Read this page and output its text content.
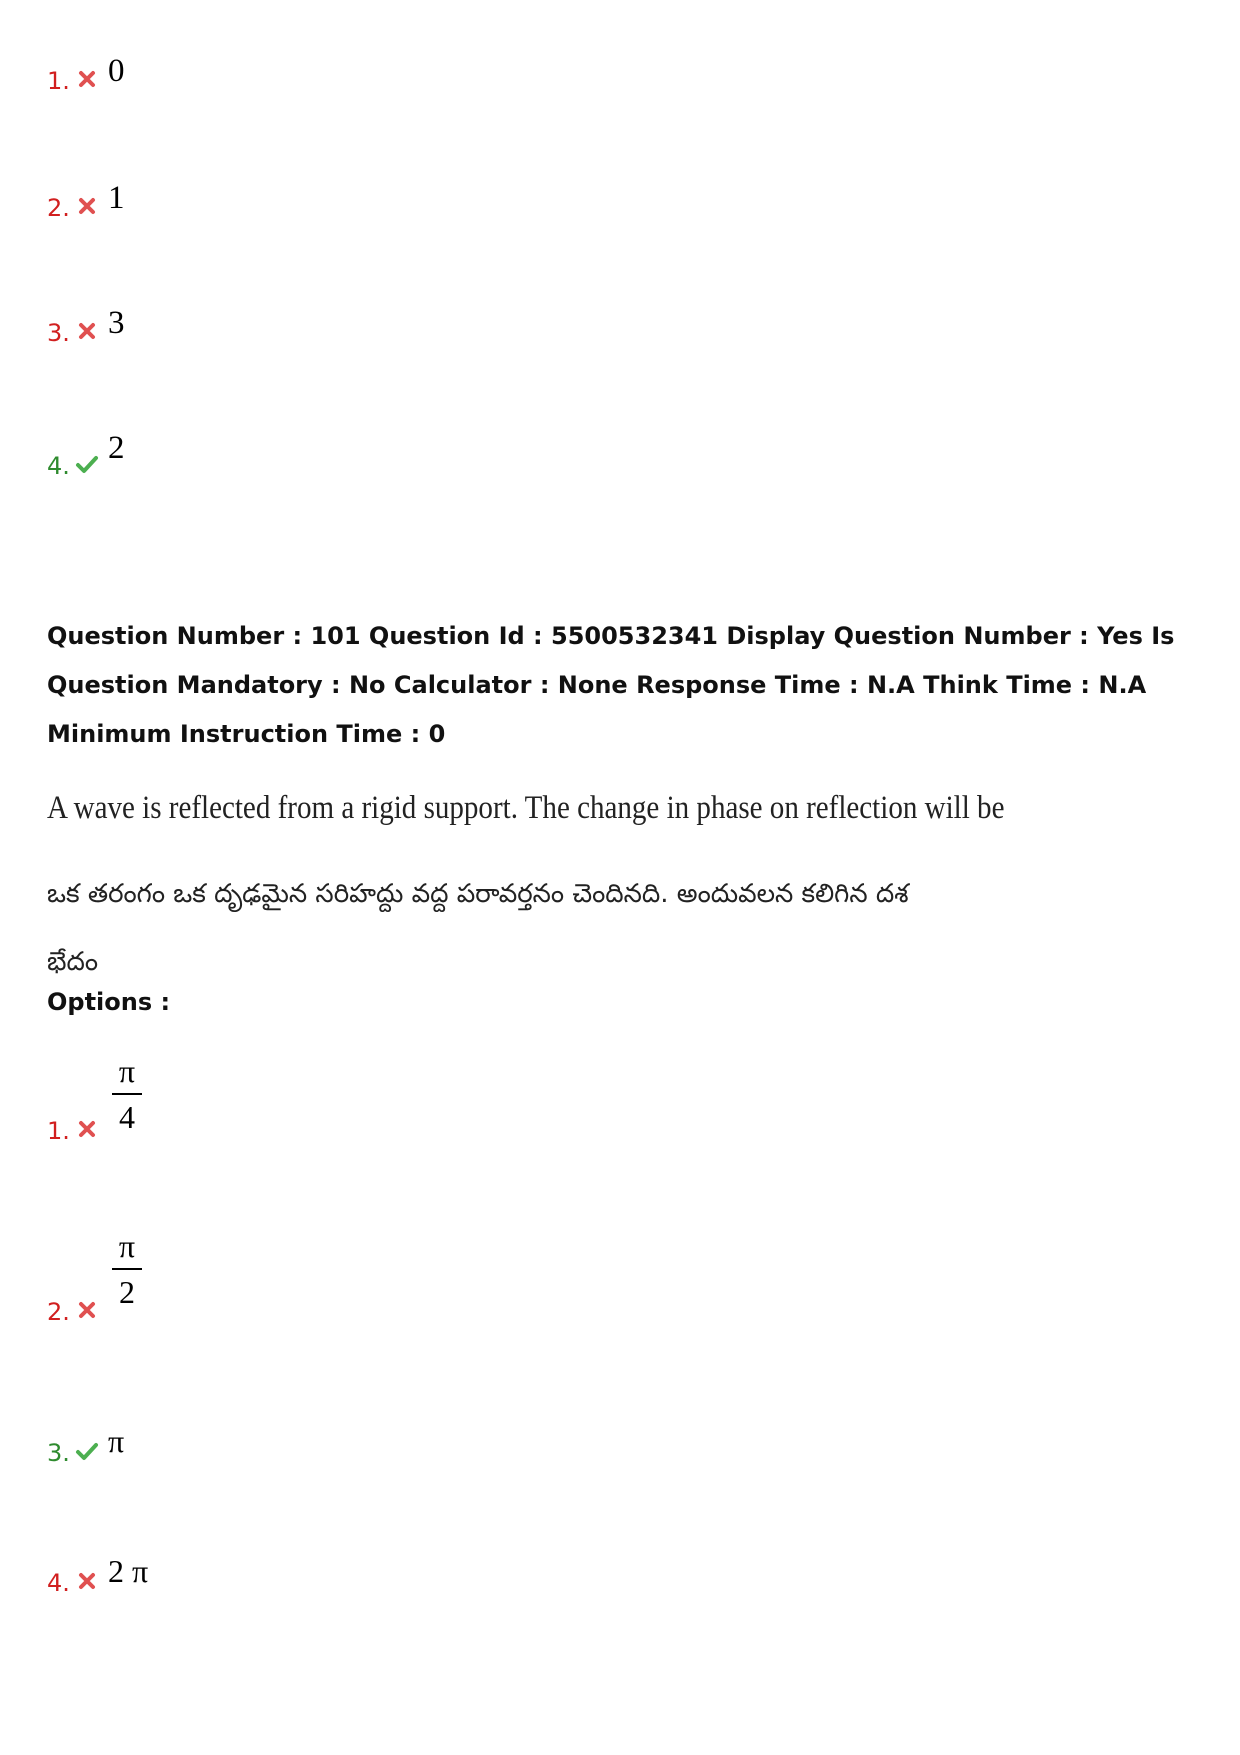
1. 0
2. 1
3. 3
4. 2
Question Number : 101 Question Id : 5500532341 Display Question Number : Yes Is Question Mandatory : No Calculator : None Response Time : N.A Think Time : N.A Minimum Instruction Time : 0
A wave is reflected from a rigid support. The change in phase on reflection will be
ఒక తరంగం ఒక దృఢమైన సరిహద్దు వద్ద పరావర్తనం చెందినది. అందువలన కలిగిన దశ భేదం
Options :
1.
π
4
2.
π
2
3. π
4. 2 π
